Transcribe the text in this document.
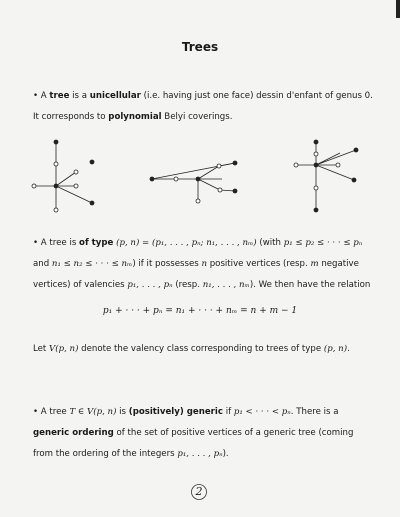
Trees
• A tree is a unicellular (i.e. having just one face) dessin d'enfant of genus 0. It corresponds to polynomial Belyi coverings.
• A tree is of type (p, n) = (p₁, . . . , pₙ; n₁, . . . , nₘ) (with p₁ ≤ p₂ ≤ · · · ≤ pₙ and n₁ ≤ n₂ ≤ · · · ≤ nₘ) if it possesses n positive vertices (resp. m negative vertices) of valencies p₁, . . . , pₙ (resp. n₁, . . . , nₘ). We then have the relation
p₁ + · · · + pₙ = n₁ + · · · + nₘ = n + m − 1
Let V(p, n) denote the valency class corresponding to trees of type (p, n).
• A tree T ∈ V(p, n) is (positively) generic if p₁ < · · · < pₙ. There is a generic ordering of the set of positive vertices of a generic tree (coming from the ordering of the integers p₁, . . . , pₙ).
2
